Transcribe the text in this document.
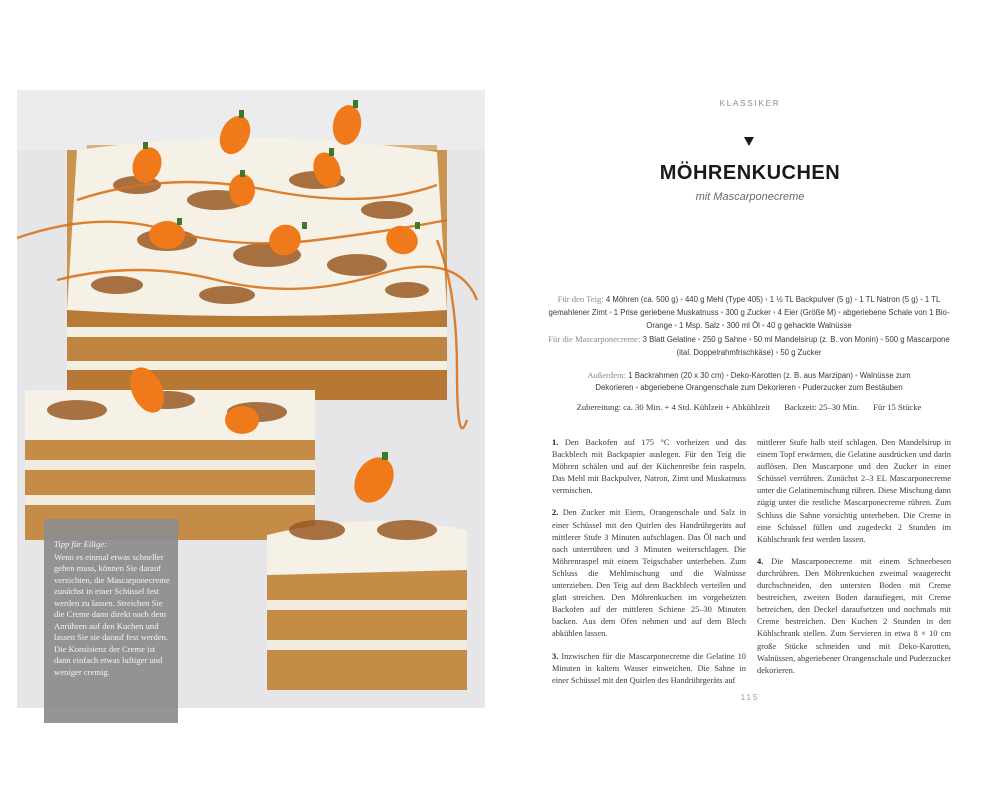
Tipp für Eilige:
Wenn es einmal etwas schneller gehen muss, können Sie darauf verzichten, die Mascarponecreme zunächst in einer Schüssel fest werden zu lassen. Streichen Sie die Creme dann direkt nach dem Anrühren auf den Kuchen und lassen Sie sie darauf fest werden. Die Konsistenz der Creme ist dann einfach etwas luftiger und weniger cremig.
KLASSIKER
MÖHRENKUCHEN
mit Mascarponecreme
Für den Teig: 4 Möhren (ca. 500 g) • 440 g Mehl (Type 405) • 1 ½ TL Backpulver (5 g) • 1 TL Natron (5 g) • 1 TL gemahlener Zimt • 1 Prise geriebene Muskatnuss • 300 g Zucker • 4 Eier (Größe M) • abgeriebene Schale von 1 Bio-Orange • 1 Msp. Salz • 300 ml Öl • 40 g gehackte Walnüsse
Für die Mascarponecreme: 3 Blatt Gelatine • 250 g Sahne • 50 ml Mandelsirup (z. B. von Monin) • 500 g Mascarpone (ital. Doppelrahmfrischkäse) • 50 g Zucker
Außerdem: 1 Backrahmen (20 x 30 cm) • Deko-Karotten (z. B. aus Marzipan) • Walnüsse zum Dekorieren • abgeriebene Orangenschale zum Dekorieren • Puderzucker zum Bestäuben
Zubereitung: ca. 30 Min. + 4 Std. Kühlzeit + Abkühlzeit Backzeit: 25–30 Min. Für 15 Stücke

1. Den Backofen auf 175 °C vorheizen und das Backblech mit Backpapier auslegen. Für den Teig die Möhren schälen und auf der Küchenreibe fein raspeln. Das Mehl mit Backpulver, Natron, Zimt und Muskatnuss vermischen.

2. Den Zucker mit Eiern, Orangenschale und Salz in einer Schüssel mit den Quirlen des Handrührgeräts auf mittlerer Stufe 3 Minuten aufschlagen. Das Öl nach und nach unterrühren und 3 Minuten weiterschlagen. Die Möhrenraspel mit einem Teigschaber unterheben. Zum Schluss die Mehlmischung und die Walnüsse unterziehen. Den Teig auf dem Backblech verteilen und glatt streichen. Den Möhrenkuchen im vorgeheizten Backofen auf der mittleren Schiene 25–30 Minuten backen. Aus dem Ofen nehmen und auf dem Blech abkühlen lassen.

3. Inzwischen für die Mascarponecreme die Gelatine 10 Minuten in kaltem Wasser einweichen. Die Sahne in einer Schüssel mit den Quirlen des Handrührgeräts auf

mittlerer Stufe halb steif schlagen. Den Mandelsirup in einem Topf erwärmen, die Gelatine ausdrücken und darin auflösen. Den Mascarpone und den Zucker in einer Schüssel verrühren. Zunächst 2–3 EL Mascarponecreme unter die Gelatinemischung rühren. Diese Mischung dann zügig unter die restliche Mascarponecreme rühren. Zum Schluss die Sahne vorsichtig unterheben. Die Creme in eine Schüssel füllen und zugedeckt 2 Stunden im Kühlschrank fest werden lassen.

4. Die Mascarponecreme mit einem Schneebesen durchrühren. Den Möhrenkuchen zweimal waagerecht durchschneiden, den untersten Boden mit Creme bestreichen, zweiten Boden daraufiegen, mit Creme betreichen, den Deckel daraufsetzen und nochmals mit Creme bestreichen. Den Kuchen 2 Stunden in den Kühlschrank stellen. Zum Servieren in etwa 8 × 10 cm große Stücke schneiden und mit Deko-Karotten, Walnüssen, abgeriebener Orangenschale und Puderzucker dekorieren.

115
